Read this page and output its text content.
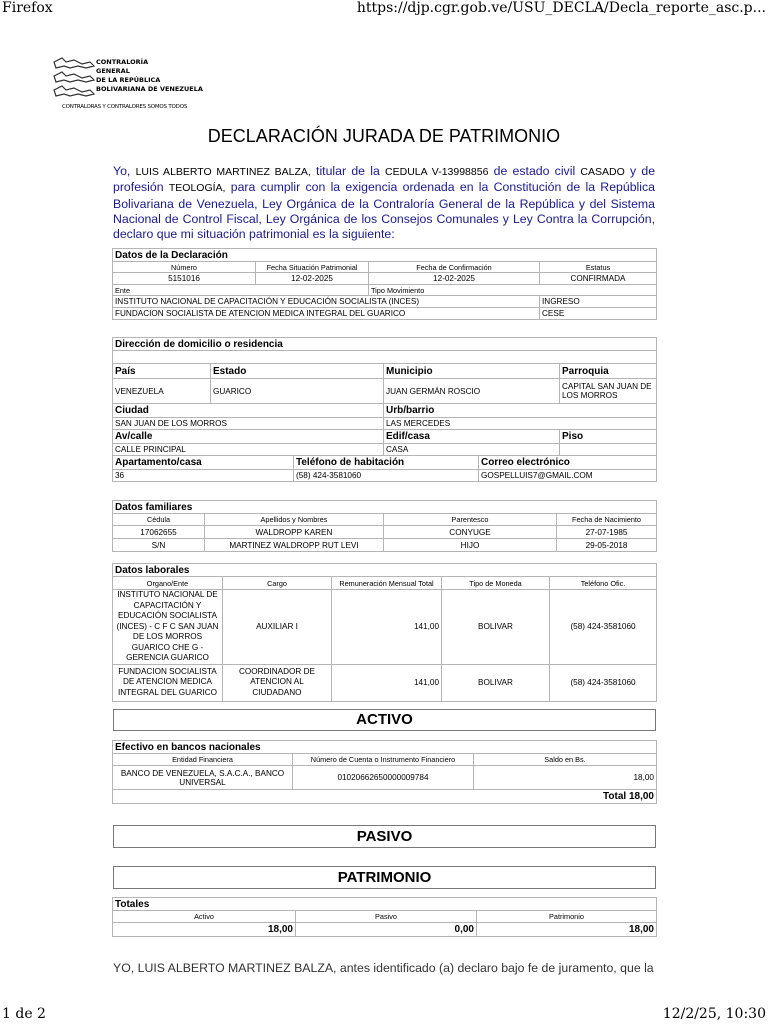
Firefox	https://djp.cgr.gob.ve/USU_DECLA/Decla_reporte_asc.p...
CONTRALORÍA
GENERAL
DE LA REPÚBLICA
BOLIVARIANA DE VENEZUELA
CONTRALORAS Y CONTRALORES SOMOS TODOS
DECLARACIÓN JURADA DE PATRIMONIO
Yo, LUIS ALBERTO MARTINEZ BALZA, titular de la CEDULA V-13998856 de estado civil CASADO y de profesión TEOLOGÍA, para cumplir con la exigencia ordenada en la Constitución de la República Bolivariana de Venezuela, Ley Orgánica de la Contraloría General de la República y del Sistema Nacional de Control Fiscal, Ley Orgánica de los Consejos Comunales y Ley Contra la Corrupción, declaro que mi situación patrimonial es la siguiente:
Datos de la Declaración			
Número	Fecha Situación Patrimonial	Fecha de Confirmación	Estatus
5151016	12-02-2025	12-02-2025	CONFIRMADA
Ente		Tipo Movimiento	
INSTITUTO NACIONAL DE CAPACITACIÓN Y EDUCACIÓN SOCIALISTA (INCES)			INGRESO
FUNDACION SOCIALISTA DE ATENCION MEDICA INTEGRAL DEL GUARICO			CESE
Dirección de domicilio o residencia					

País	Estado		Municipio		Parroquia
VENEZUELA	GUARICO		JUAN GERMÁN ROSCIO		CAPITAL SAN JUAN DE LOS MORROS
Ciudad			Urb/barrio		
SAN JUAN DE LOS MORROS			LAS MERCEDES		
Av/calle			Edif/casa		Piso
CALLE PRINCIPAL			CASA		
Apartamento/casa		Teléfono de habitación		Correo electrónico	
36		(58) 424-3581060		GOSPELLUIS7@GMAIL.COM	
Datos familiares			
Cédula	Apellidos y Nombres	Parentesco	Fecha de Nacimiento
17062655	WALDROPP KAREN	CONYUGE	27-07-1985
S/N	MARTINEZ WALDROPP RUT LEVI	HIJO	29-05-2018
Datos laborales				
Organo/Ente	Cargo	Remuneración Mensual Total	Tipo de Moneda	Teléfono Ofic.
INSTITUTO NACIONAL DE CAPACITACIÓN Y EDUCACIÓN SOCIALISTA (INCES) - C F C SAN JUAN DE LOS MORROS GUARICO CHE G - GERENCIA GUARICO	AUXILIAR I	141,00	BOLIVAR	(58) 424-3581060
FUNDACION SOCIALISTA DE ATENCION MEDICA INTEGRAL DEL GUARICO	COORDINADOR DE ATENCION AL CIUDADANO	141,00	BOLIVAR	(58) 424-3581060
ACTIVO
Efectivo en bancos nacionales		
Entidad Financiera	Número de Cuenta o Instrumento Financiero	Saldo en Bs.
BANCO DE VENEZUELA, S.A.C.A., BANCO UNIVERSAL	01020662650000009784	18,00
Total 18,00		
PASIVO
PATRIMONIO
Totales		
Activo	Pasivo	Patrimonio
18,00	0,00	18,00
YO, LUIS ALBERTO MARTINEZ BALZA, antes identificado (a) declaro bajo fe de juramento, que la
1 de 2	12/2/25, 10:30
